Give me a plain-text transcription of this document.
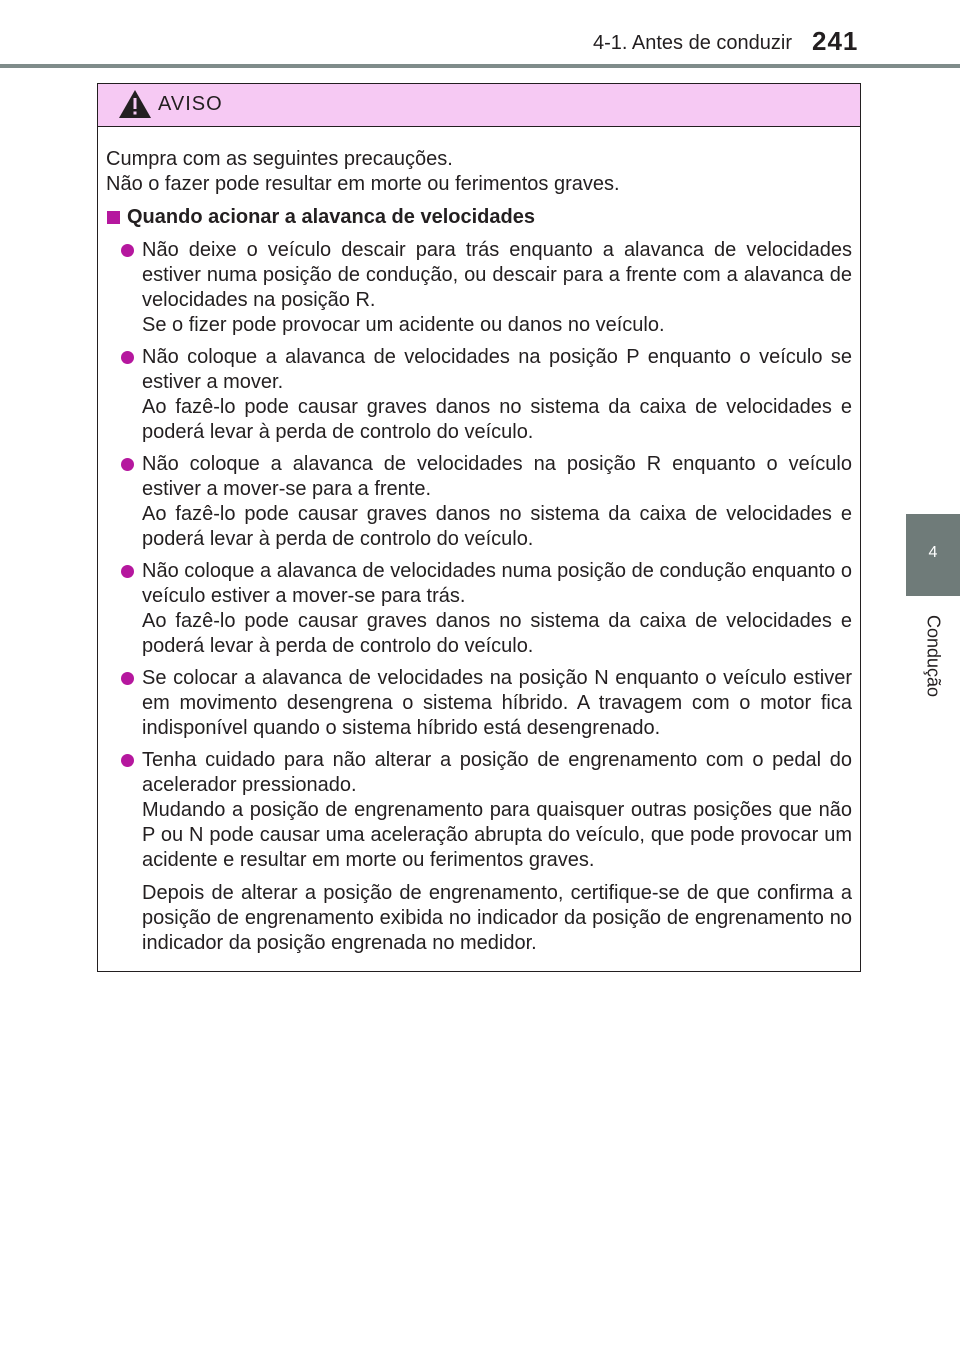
4-1. Antes de conduzir 241
4
Condução
AVISO

Cumpra com as seguintes precauções.

Não o fazer pode resultar em morte ou ferimentos graves.

Quando acionar a alavanca de velocidades

Não deixe o veículo descair para trás enquanto a alavanca de velocidades estiver numa posição de condução, ou descair para a frente com a alavanca de velocidades na posição R.

Se o fizer pode provocar um acidente ou danos no veículo.

Não coloque a alavanca de velocidades na posição P enquanto o veículo se estiver a mover.

Ao fazê-lo pode causar graves danos no sistema da caixa de velocidades e poderá levar à perda de controlo do veículo.

Não coloque a alavanca de velocidades na posição R enquanto o veículo estiver a mover-se para a frente.

Ao fazê-lo pode causar graves danos no sistema da caixa de velocidades e poderá levar à perda de controlo do veículo.

Não coloque a alavanca de velocidades numa posição de condução enquanto o veículo estiver a mover-se para trás.

Ao fazê-lo pode causar graves danos no sistema da caixa de velocidades e poderá levar à perda de controlo do veículo.

Se colocar a alavanca de velocidades na posição N enquanto o veículo estiver em movimento desengrena o sistema híbrido. A travagem com o motor fica indisponível quando o sistema híbrido está desengrenado.

Tenha cuidado para não alterar a posição de engrenamento com o pedal do acelerador pressionado.

Mudando a posição de engrenamento para quaisquer outras posições que não P ou N pode causar uma aceleração abrupta do veículo, que pode provocar um acidente e resultar em morte ou ferimentos graves.

Depois de alterar a posição de engrenamento, certifique-se de que confirma a posição de engrenamento exibida no indicador da posição de engrenamento no indicador da posição engrenada no medidor.
